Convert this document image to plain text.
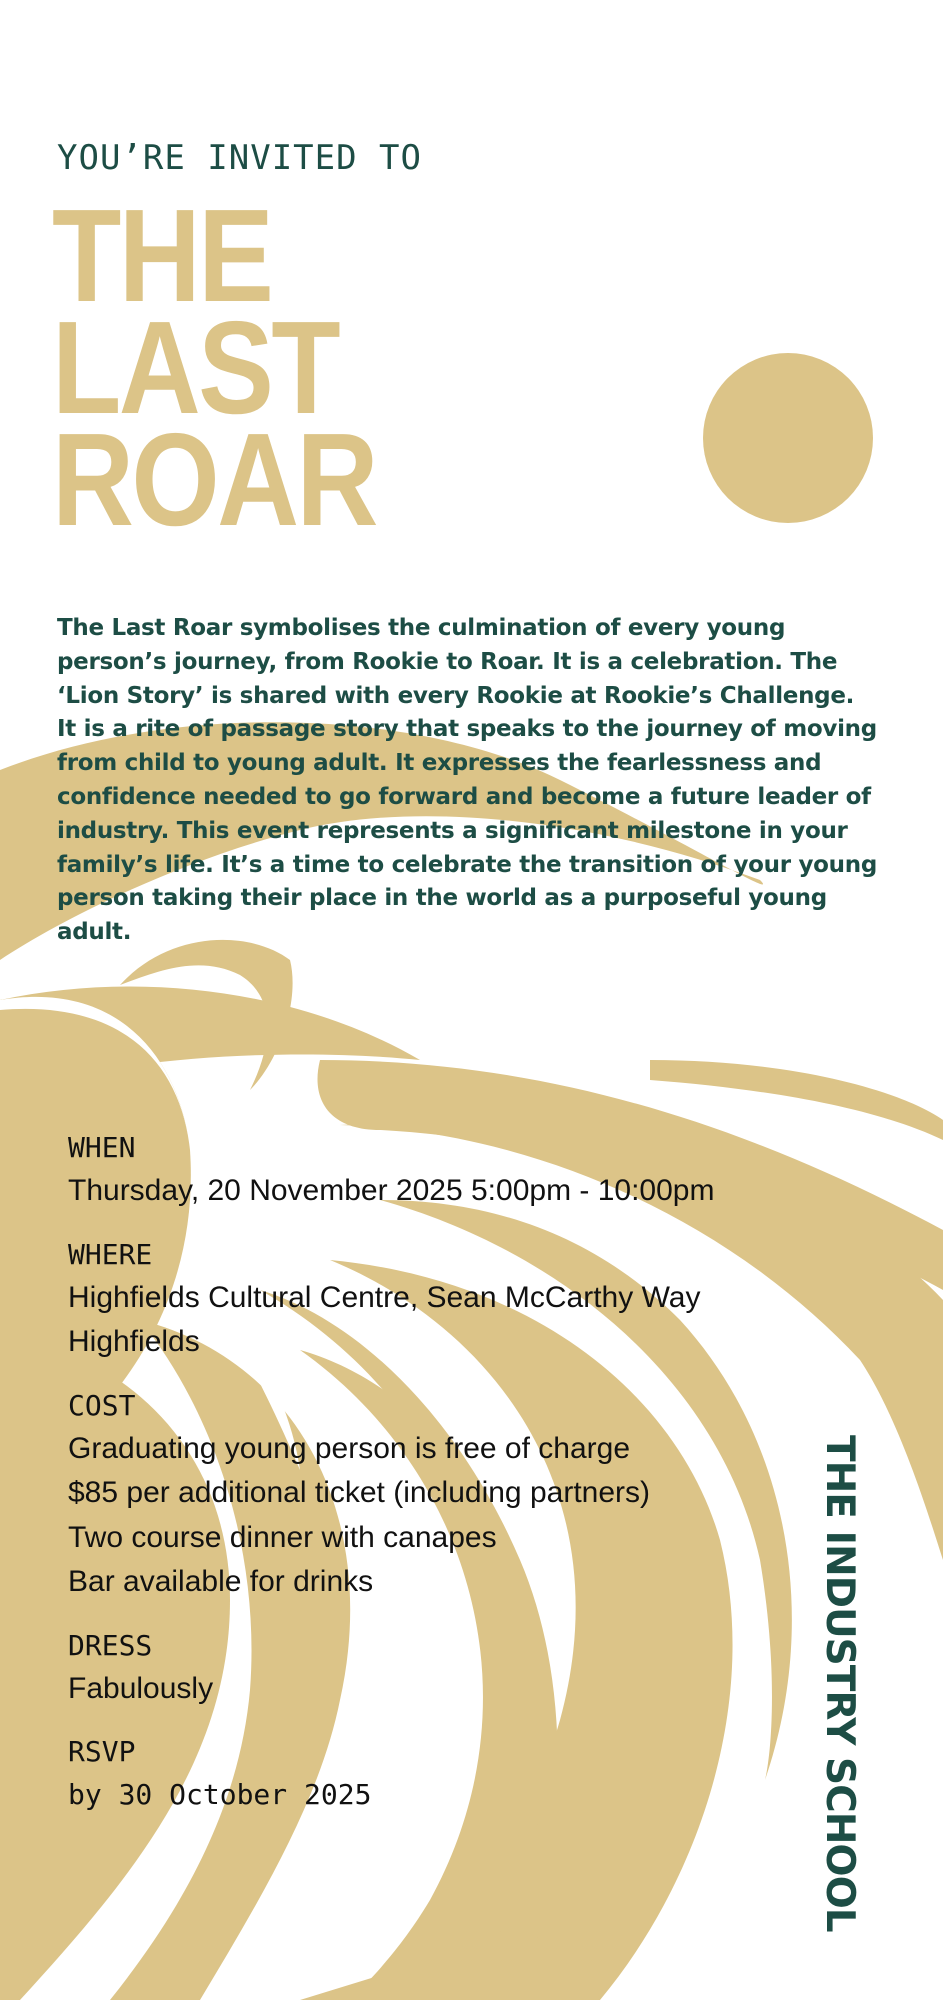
YOU’RE INVITED TO
THE
LAST
ROAR
The Last Roar symbolises the culmination of every young person’s journey, from Rookie to Roar. It is a celebration. The ‘Lion Story’ is shared with every Rookie at Rookie’s Challenge. It is a rite of passage story that speaks to the journey of moving from child to young adult. It expresses the fearlessness and confidence needed to go forward and become a future leader of industry. This event represents a significant milestone in your family’s life. It’s a time to celebrate the transition of your young person taking their place in the world as a purposeful young adult.
WHEN
Thursday, 20 November 2025 5:00pm - 10:00pm
WHERE
Highfields Cultural Centre, Sean McCarthy Way
Highfields
COST
Graduating young person is free of charge
$85 per additional ticket (including partners)
Two course dinner with canapes
Bar available for drinks
DRESS
Fabulously
RSVP
by 30 October 2025	THE INDUSTRY SCHOOL
